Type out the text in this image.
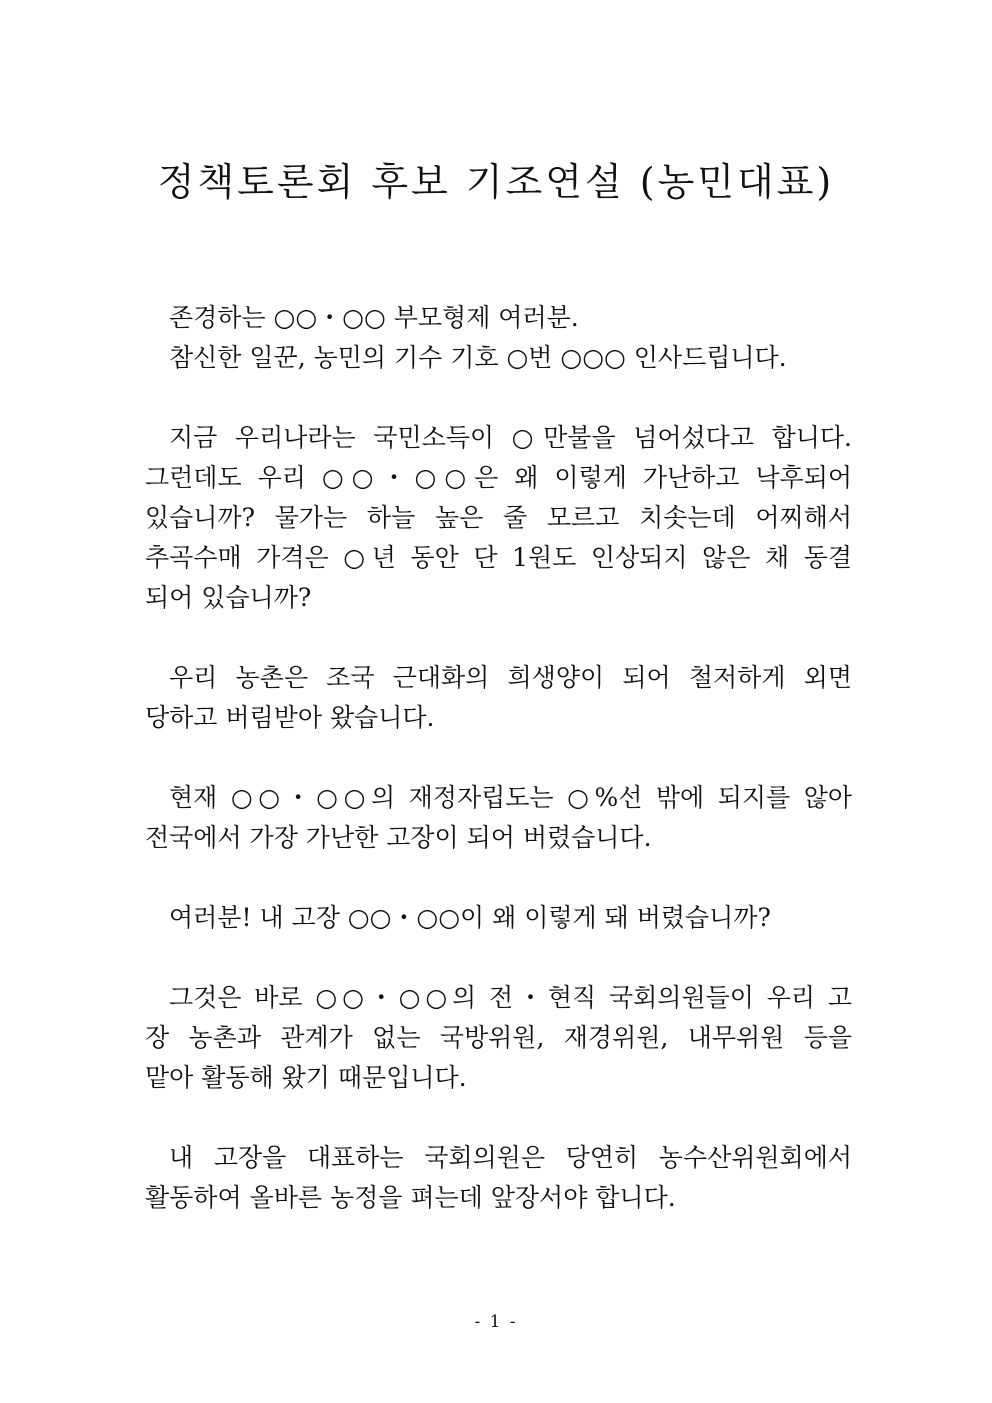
정책토론회 후보 기조연설 (농민대표)
존경하는 ○○・○○ 부모형제 여러분.
참신한 일꾼, 농민의 기수 기호 ○번 ○○○ 인사드립니다.
지금 우리나라는 국민소득이 ○만불을 넘어섰다고 합니다.
그런데도 우리 ○○・○○은 왜 이렇게 가난하고 낙후되어
있습니까? 물가는 하늘 높은 줄 모르고 치솟는데 어찌해서
추곡수매 가격은 ○년 동안 단 1원도 인상되지 않은 채 동결
되어 있습니까?
우리 농촌은 조국 근대화의 희생양이 되어 철저하게 외면
당하고 버림받아 왔습니다.
현재 ○○・○○의 재정자립도는 ○%선 밖에 되지를 않아
전국에서 가장 가난한 고장이 되어 버렸습니다.
여러분! 내 고장 ○○・○○이 왜 이렇게 돼 버렸습니까?
그것은 바로 ○○・○○의 전・현직 국회의원들이 우리 고
장 농촌과 관계가 없는 국방위원, 재경위원, 내무위원 등을
맡아 활동해 왔기 때문입니다.
내 고장을 대표하는 국회의원은 당연히 농수산위원회에서
활동하여 올바른 농정을 펴는데 앞장서야 합니다.
- 1 -
